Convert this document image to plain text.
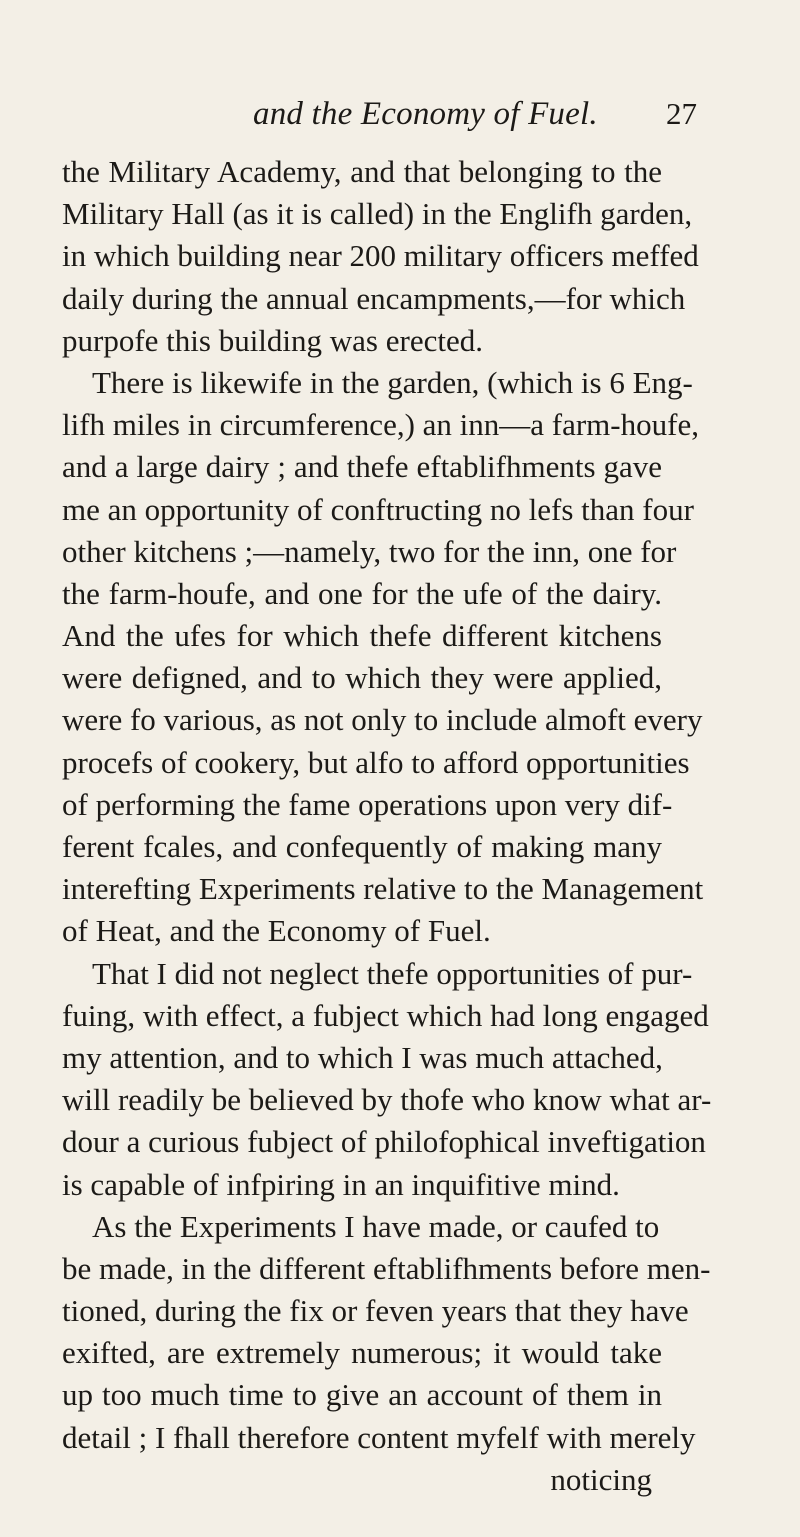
and the Economy of Fuel. 27
the Military Academy, and that belonging to the
Military Hall (as it is called) in the Englifh garden,
in which building near 200 military officers meffed
daily during the annual encampments,—for which
purpofe this building was erected.
There is likewife in the garden, (which is 6 Eng-
lifh miles in circumference,) an inn—a farm-houfe,
and a large dairy ; and thefe eftablifhments gave
me an opportunity of conftructing no lefs than four
other kitchens ;—namely, two for the inn, one for
the farm-houfe, and one for the ufe of the dairy.
And the ufes for which thefe different kitchens
were defigned, and to which they were applied,
were fo various, as not only to include almoft every
procefs of cookery, but alfo to afford opportunities
of performing the fame operations upon very dif-
ferent fcales, and confequently of making many
interefting Experiments relative to the Management
of Heat, and the Economy of Fuel.
That I did not neglect thefe opportunities of pur-
fuing, with effect, a fubject which had long engaged
my attention, and to which I was much attached,
will readily be believed by thofe who know what ar-
dour a curious fubject of philofophical inveftigation
is capable of infpiring in an inquifitive mind.
As the Experiments I have made, or caufed to
be made, in the different eftablifhments before men-
tioned, during the fix or feven years that they have
exifted, are extremely numerous; it would take
up too much time to give an account of them in
detail ; I fhall therefore content myfelf with merely
noticing
